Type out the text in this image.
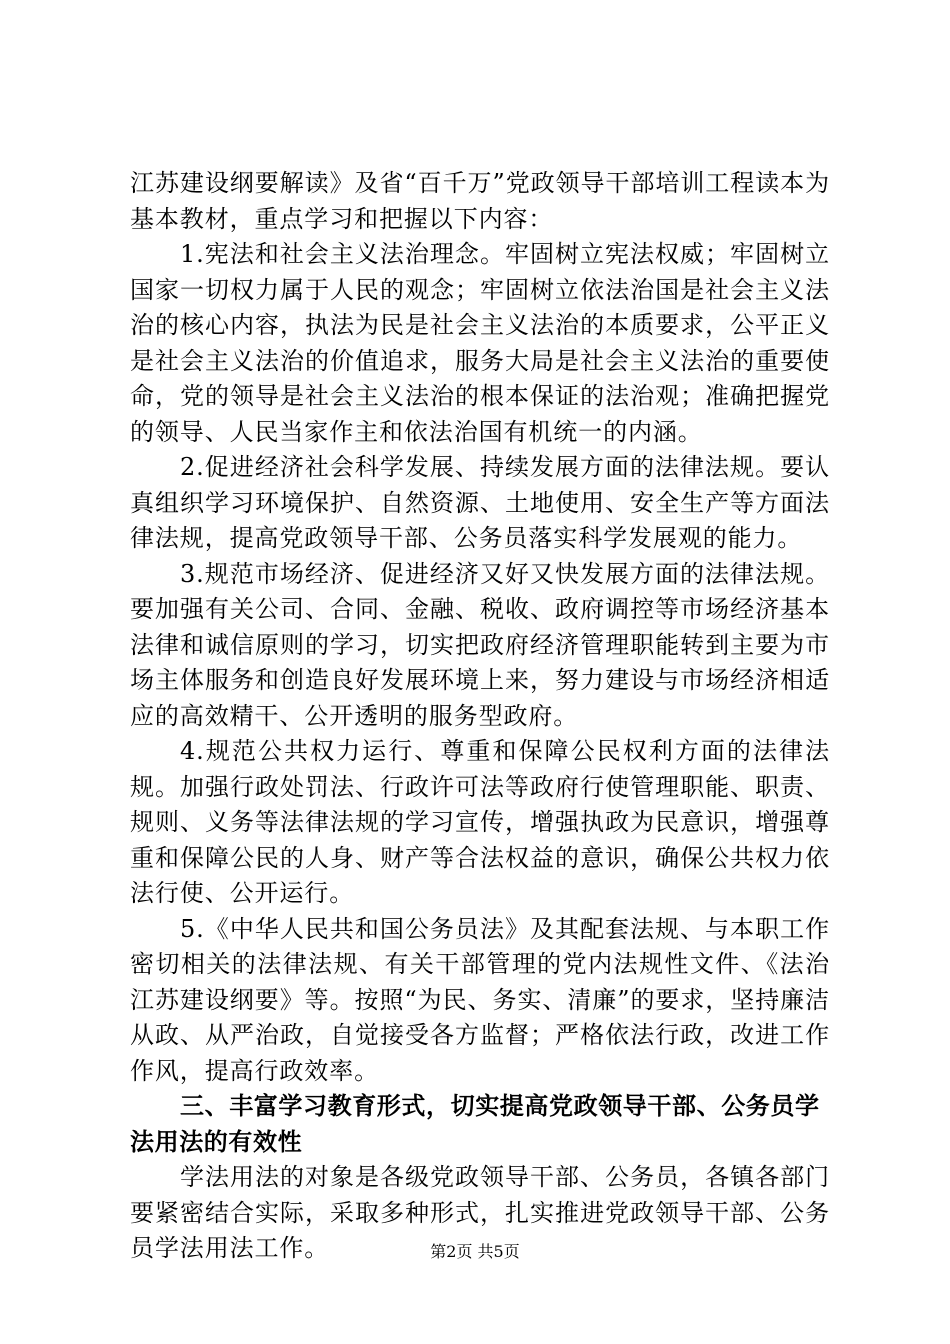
江苏建设纲要解读》及省“百千万”党政领导干部培训工程读本为基本教材，重点学习和把握以下内容：

1.宪法和社会主义法治理念。牢固树立宪法权威；牢固树立国家一切权力属于人民的观念；牢固树立依法治国是社会主义法治的核心内容，执法为民是社会主义法治的本质要求，公平正义是社会主义法治的价值追求，服务大局是社会主义法治的重要使命，党的领导是社会主义法治的根本保证的法治观；准确把握党的领导、人民当家作主和依法治国有机统一的内涵。

2.促进经济社会科学发展、持续发展方面的法律法规。要认真组织学习环境保护、自然资源、土地使用、安全生产等方面法律法规，提高党政领导干部、公务员落实科学发展观的能力。

3.规范市场经济、促进经济又好又快发展方面的法律法规。要加强有关公司、合同、金融、税收、政府调控等市场经济基本法律和诚信原则的学习，切实把政府经济管理职能转到主要为市场主体服务和创造良好发展环境上来，努力建设与市场经济相适应的高效精干、公开透明的服务型政府。

4.规范公共权力运行、尊重和保障公民权利方面的法律法规。加强行政处罚法、行政许可法等政府行使管理职能、职责、规则、义务等法律法规的学习宣传，增强执政为民意识，增强尊重和保障公民的人身、财产等合法权益的意识，确保公共权力依法行使、公开运行。

5.《中华人民共和国公务员法》及其配套法规、与本职工作密切相关的法律法规、有关干部管理的党内法规性文件、《法治江苏建设纲要》等。按照“为民、务实、清廉”的要求，坚持廉洁从政、从严治政，自觉接受各方监督；严格依法行政，改进工作作风，提高行政效率。

三、丰富学习教育形式，切实提高党政领导干部、公务员学法用法的有效性

学法用法的对象是各级党政领导干部、公务员，各镇各部门要紧密结合实际，采取多种形式，扎实推进党政领导干部、公务员学法用法工作。	第2页 共5页
